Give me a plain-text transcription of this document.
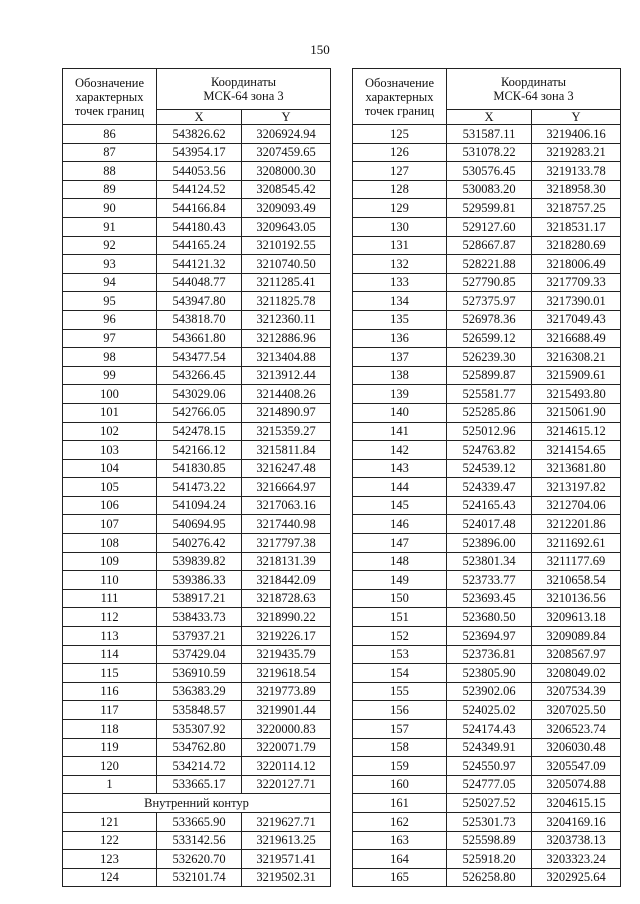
150
Обозначение характерных точек границ	Координаты
МСК-64 зона 3	

	X	Y
86	543826.62	3206924.94
87	543954.17	3207459.65
88	544053.56	3208000.30
89	544124.52	3208545.42
90	544166.84	3209093.49
91	544180.43	3209643.05
92	544165.24	3210192.55
93	544121.32	3210740.50
94	544048.77	3211285.41
95	543947.80	3211825.78
96	543818.70	3212360.11
97	543661.80	3212886.96
98	543477.54	3213404.88
99	543266.45	3213912.44
100	543029.06	3214408.26
101	542766.05	3214890.97
102	542478.15	3215359.27
103	542166.12	3215811.84
104	541830.85	3216247.48
105	541473.22	3216664.97
106	541094.24	3217063.16
107	540694.95	3217440.98
108	540276.42	3217797.38
109	539839.82	3218131.39
110	539386.33	3218442.09
111	538917.21	3218728.63
112	538433.73	3218990.22
113	537937.21	3219226.17
114	537429.04	3219435.79
115	536910.59	3219618.54
116	536383.29	3219773.89
117	535848.57	3219901.44
118	535307.92	3220000.83
119	534762.80	3220071.79
120	534214.72	3220114.12
1	533665.17	3220127.71
Внутренний контур		
121	533665.90	3219627.71
122	533142.56	3219613.25
123	532620.70	3219571.41
124	532101.74	3219502.31
Обозначение характерных точек границ	Координаты
МСК-64 зона 3	

	X	Y
125	531587.11	3219406.16
126	531078.22	3219283.21
127	530576.45	3219133.78
128	530083.20	3218958.30
129	529599.81	3218757.25
130	529127.60	3218531.17
131	528667.87	3218280.69
132	528221.88	3218006.49
133	527790.85	3217709.33
134	527375.97	3217390.01
135	526978.36	3217049.43
136	526599.12	3216688.49
137	526239.30	3216308.21
138	525899.87	3215909.61
139	525581.77	3215493.80
140	525285.86	3215061.90
141	525012.96	3214615.12
142	524763.82	3214154.65
143	524539.12	3213681.80
144	524339.47	3213197.82
145	524165.43	3212704.06
146	524017.48	3212201.86
147	523896.00	3211692.61
148	523801.34	3211177.69
149	523733.77	3210658.54
150	523693.45	3210136.56
151	523680.50	3209613.18
152	523694.97	3209089.84
153	523736.81	3208567.97
154	523805.90	3208049.02
155	523902.06	3207534.39
156	524025.02	3207025.50
157	524174.43	3206523.74
158	524349.91	3206030.48
159	524550.97	3205547.09
160	524777.05	3205074.88
161	525027.52	3204615.15
162	525301.73	3204169.16
163	525598.89	3203738.13
164	525918.20	3203323.24
165	526258.80	3202925.64
